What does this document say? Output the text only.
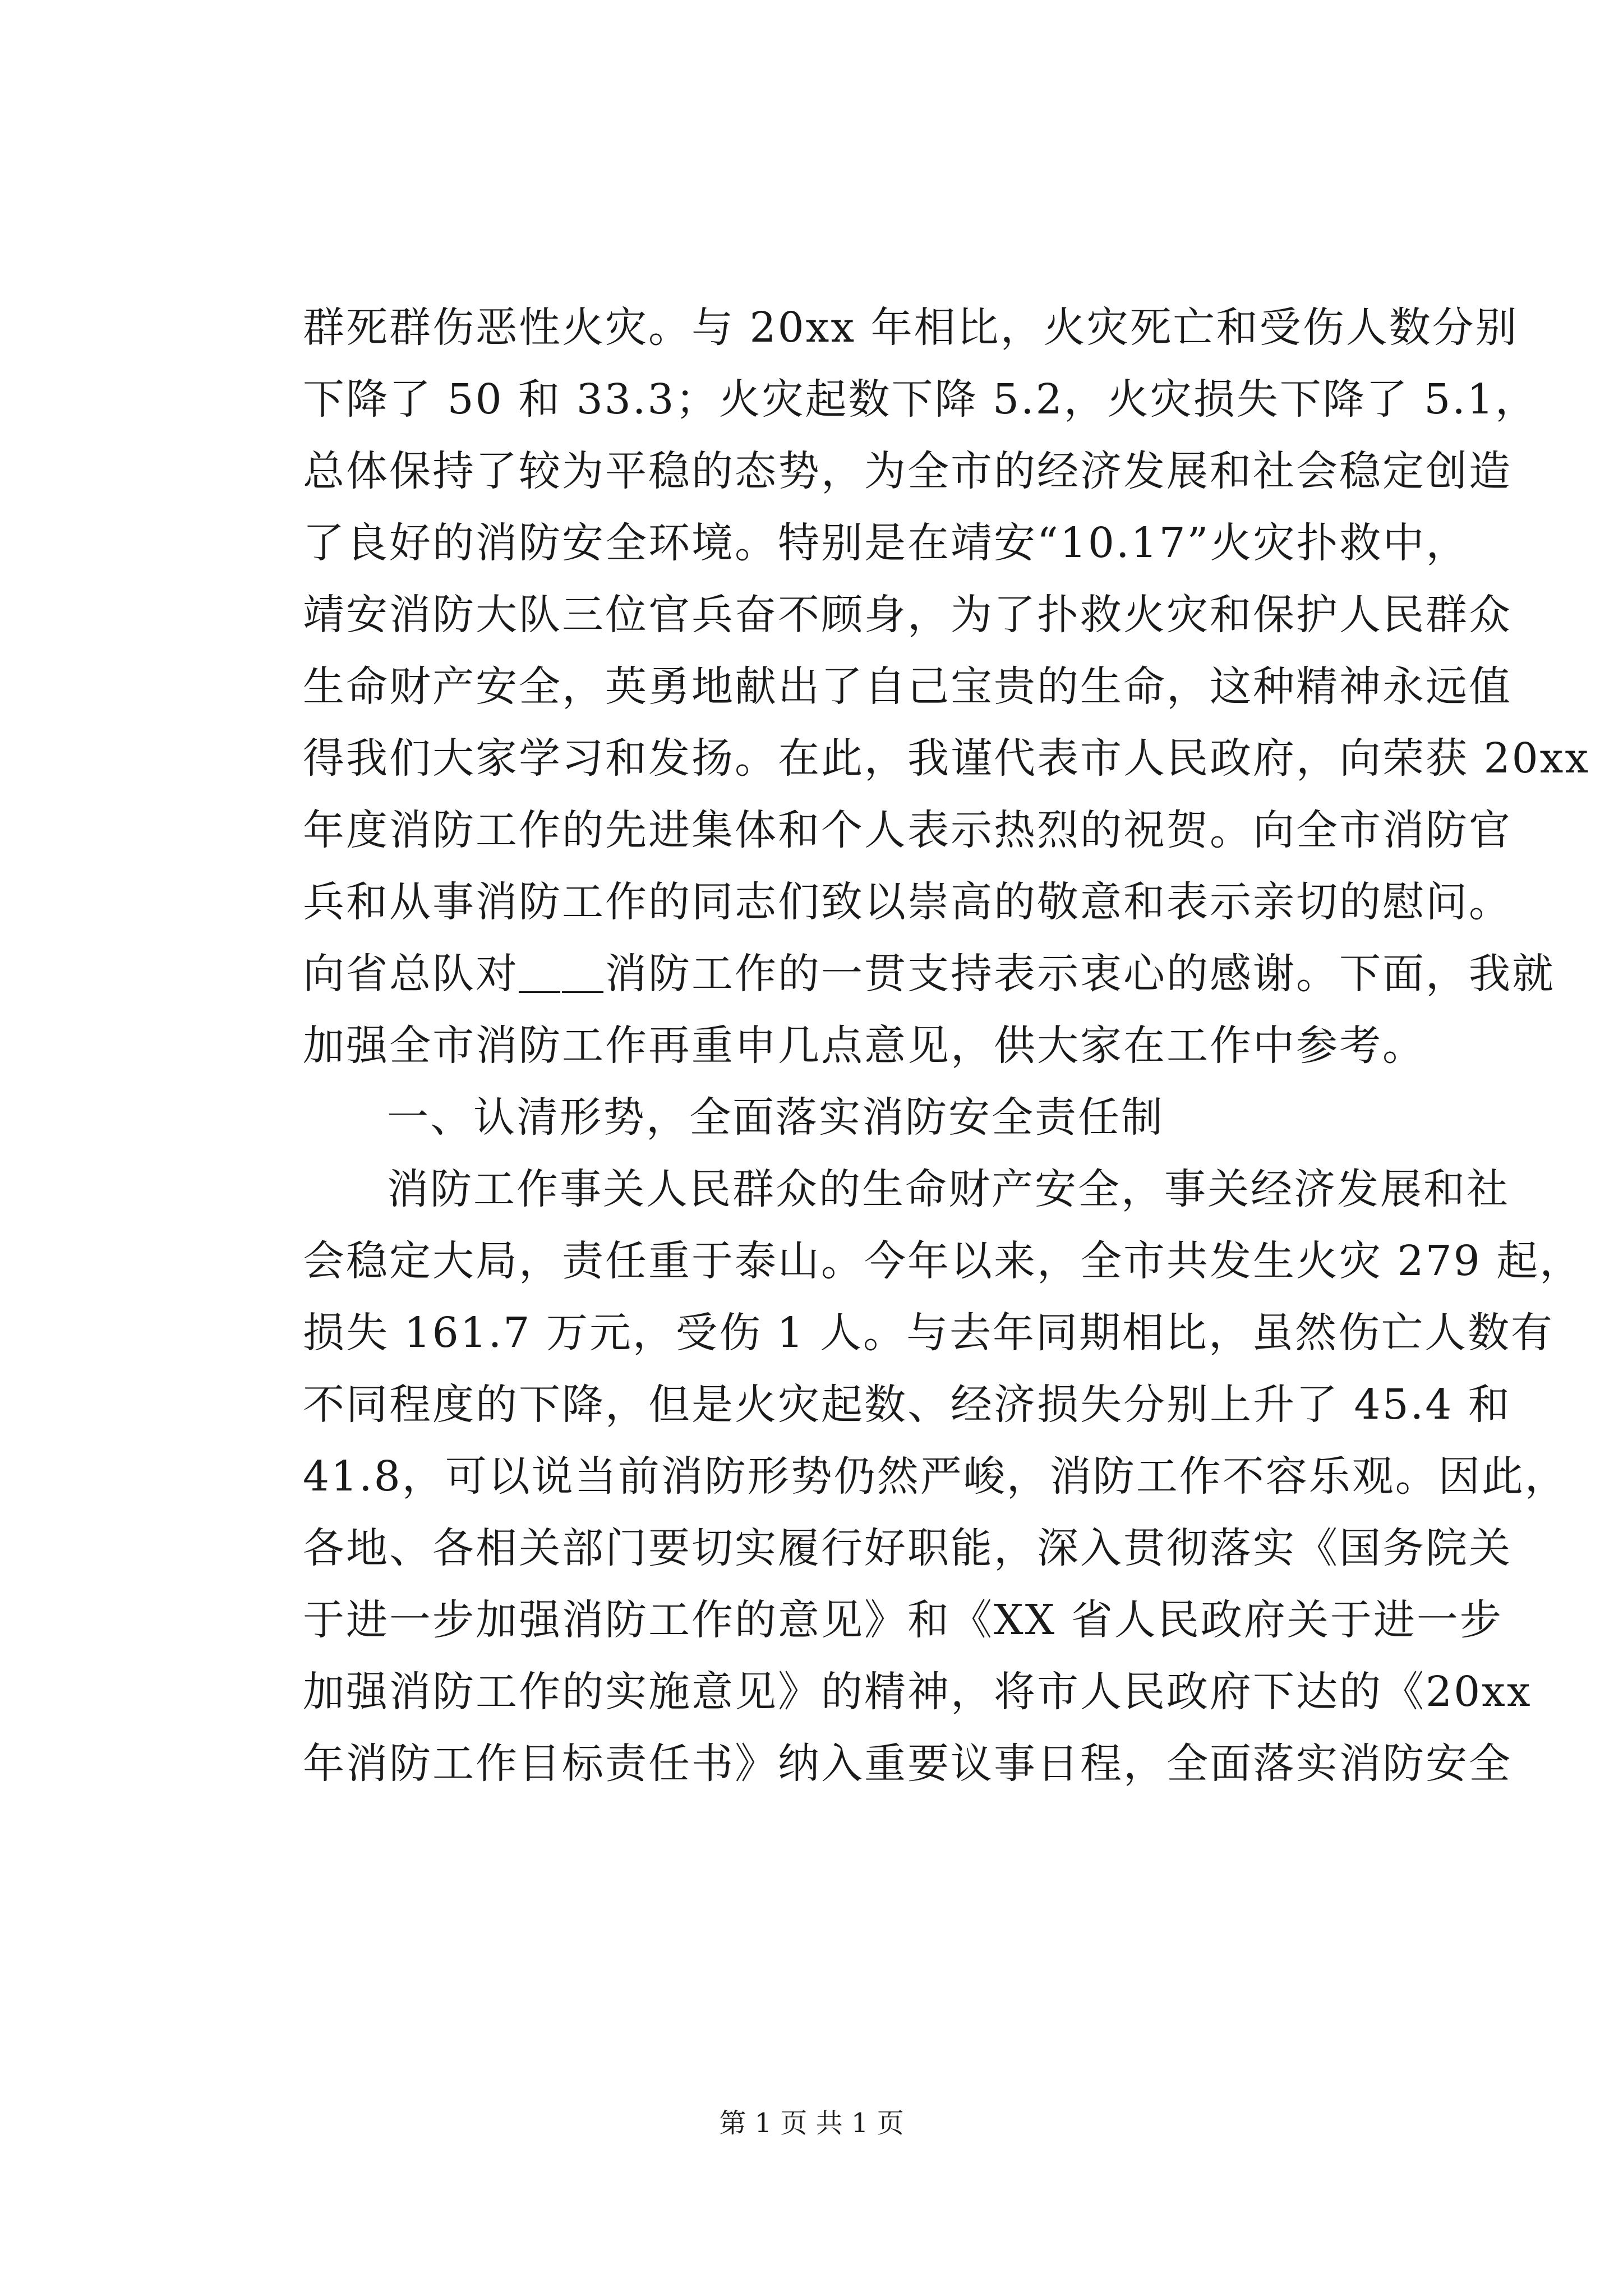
群死群伤恶性火灾。与 20xx 年相比，火灾死亡和受伤人数分别
下降了 50 和 33.3；火灾起数下降 5.2，火灾损失下降了 5.1，
总体保持了较为平稳的态势，为全市的经济发展和社会稳定创造
了良好的消防安全环境。特别是在靖安“10.17”火灾扑救中，
靖安消防大队三位官兵奋不顾身，为了扑救火灾和保护人民群众
生命财产安全，英勇地献出了自己宝贵的生命，这种精神永远值
得我们大家学习和发扬。在此，我谨代表市人民政府，向荣获 20xx
年度消防工作的先进集体和个人表示热烈的祝贺。向全市消防官
兵和从事消防工作的同志们致以崇高的敬意和表示亲切的慰问。
向省总队对＿＿消防工作的一贯支持表示衷心的感谢。下面，我就
加强全市消防工作再重申几点意见，供大家在工作中参考。
一、认清形势，全面落实消防安全责任制
消防工作事关人民群众的生命财产安全，事关经济发展和社
会稳定大局，责任重于泰山。今年以来，全市共发生火灾 279 起，
损失 161.7 万元，受伤 1 人。与去年同期相比，虽然伤亡人数有
不同程度的下降，但是火灾起数、经济损失分别上升了 45.4 和
41.8，可以说当前消防形势仍然严峻，消防工作不容乐观。因此，
各地、各相关部门要切实履行好职能，深入贯彻落实《国务院关
于进一步加强消防工作的意见》和《XX 省人民政府关于进一步
加强消防工作的实施意见》的精神，将市人民政府下达的《20xx
年消防工作目标责任书》纳入重要议事日程，全面落实消防安全
第 1 页 共 1 页
